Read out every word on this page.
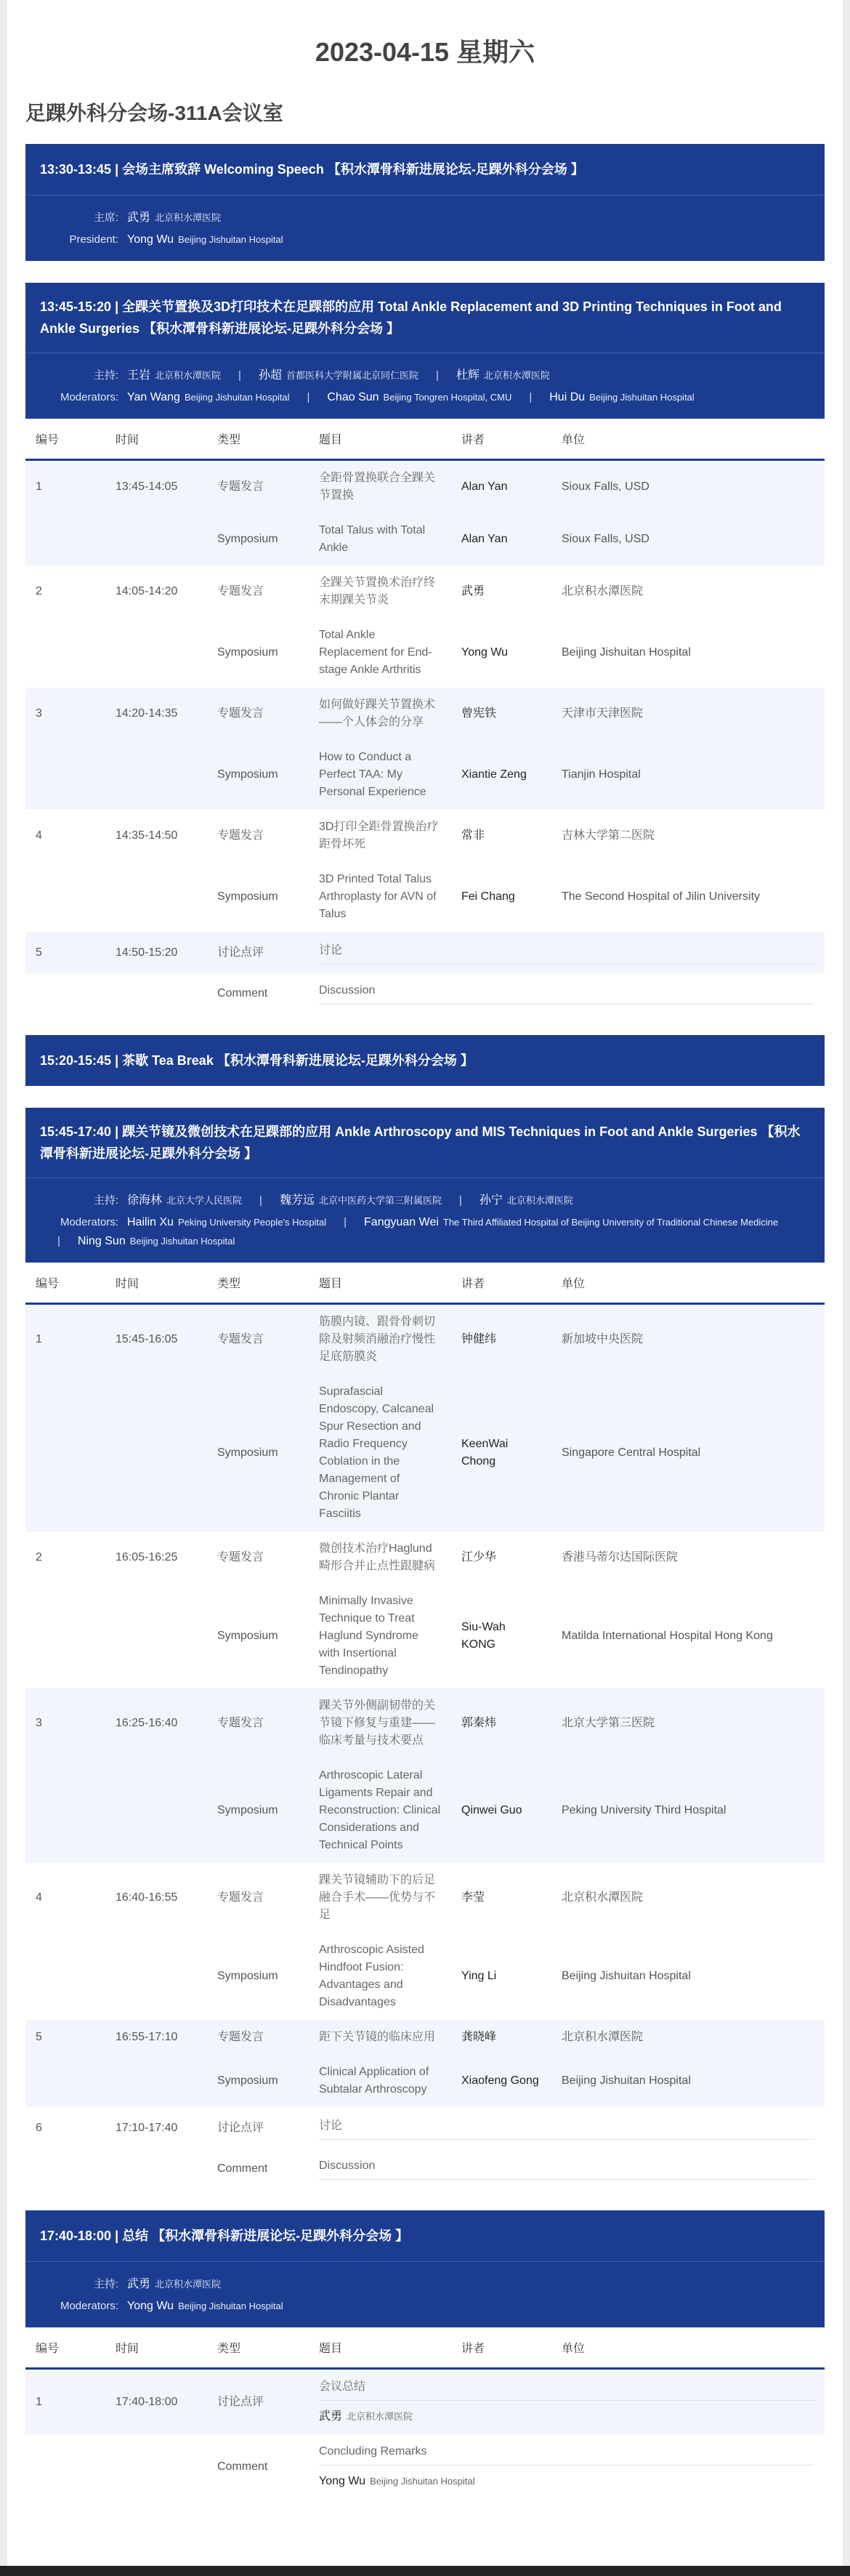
2023-04-15 星期六
足踝外科分会场-311A会议室
13:30-13:45 | 会场主席致辞 Welcoming Speech 【积水潭骨科新进展论坛-足踝外科分会场 】
主席: 武勇 北京积水潭医院
President: Yong Wu Beijing Jishuitan Hospital
13:45-15:20 | 全踝关节置换及3D打印技术在足踝部的应用 Total Ankle Replacement and 3D Printing Techniques in Foot and Ankle Surgeries 【积水潭骨科新进展论坛-足踝外科分会场 】
主持: 王岩 北京积水潭医院 | 孙超 首都医科大学附属北京同仁医院 | 杜辉 北京积水潭医院
Moderators: Yan Wang Beijing Jishuitan Hospital | Chao Sun Beijing Tongren Hospital, CMU | Hui Du Beijing Jishuitan Hospital
编号	时间	类型	题目	讲者	单位
1	13:45-14:05	专题发言	全距骨置换联合全踝关节置换	Alan Yan	Sioux Falls, USD
		Symposium	Total Talus with Total Ankle	Alan Yan	Sioux Falls, USD
2	14:05-14:20	专题发言	全踝关节置换术治疗终末期踝关节炎	武勇	北京积水潭医院
		Symposium	Total Ankle Replacement for End-stage Ankle Arthritis	Yong Wu	Beijing Jishuitan Hospital
3	14:20-14:35	专题发言	如何做好踝关节置换术——个人体会的分享	曾宪铁	天津市天津医院
		Symposium	How to Conduct a Perfect TAA: My Personal Experience	Xiantie Zeng	Tianjin Hospital
4	14:35-14:50	专题发言	3D打印全距骨置换治疗距骨坏死	常非	吉林大学第二医院
		Symposium	3D Printed Total Talus Arthroplasty for AVN of Talus	Fei Chang	The Second Hospital of Jilin University
5	14:50-15:20	讨论点评	讨论		

		Comment	Discussion		
15:20-15:45 | 茶歇 Tea Break 【积水潭骨科新进展论坛-足踝外科分会场 】
15:45-17:40 | 踝关节镜及微创技术在足踝部的应用 Ankle Arthroscopy and MIS Techniques in Foot and Ankle Surgeries 【积水潭骨科新进展论坛-足踝外科分会场 】
主持: 徐海林 北京大学人民医院 | 魏芳远 北京中医药大学第三附属医院 | 孙宁 北京积水潭医院
Moderators: Hailin Xu Peking University People's Hospital | Fangyuan Wei The Third Affiliated Hospital of Beijing University of Traditional Chinese Medicine| Ning Sun Beijing Jishuitan Hospital
编号	时间	类型	题目	讲者	单位
1	15:45-16:05	专题发言	筋膜内镜、跟骨骨刺切除及射频消融治疗慢性足底筋膜炎	钟健纬	新加坡中央医院
		Symposium	Suprafascial Endoscopy, Calcaneal Spur Resection and Radio Frequency Coblation in the Management of Chronic Plantar Fasciitis	KeenWai Chong	Singapore Central Hospital
2	16:05-16:25	专题发言	微创技术治疗Haglund畸形合并止点性跟腱病	江少华	香港马蒂尔达国际医院
		Symposium	Minimally Invasive Technique to Treat Haglund Syndrome with Insertional Tendinopathy	Siu-Wah KONG	Matilda International Hospital Hong Kong
3	16:25-16:40	专题发言	踝关节外侧副韧带的关节镜下修复与重建——临床考量与技术要点	郭秦炜	北京大学第三医院
		Symposium	Arthroscopic Lateral Ligaments Repair and Reconstruction: Clinical Considerations and Technical Points	Qinwei Guo	Peking University Third Hospital
4	16:40-16:55	专题发言	踝关节镜辅助下的后足融合手术——优势与不足	李莹	北京积水潭医院
		Symposium	Arthroscopic Asisted Hindfoot Fusion: Advantages and Disadvantages	Ying Li	Beijing Jishuitan Hospital
5	16:55-17:10	专题发言	距下关节镜的临床应用	龚晓峰	北京积水潭医院
		Symposium	Clinical Application of Subtalar Arthroscopy	Xiaofeng Gong	Beijing Jishuitan Hospital
6	17:10-17:40	讨论点评	讨论		

		Comment	Discussion		
17:40-18:00 | 总结 【积水潭骨科新进展论坛-足踝外科分会场 】
主持: 武勇 北京积水潭医院
Moderators: Yong Wu Beijing Jishuitan Hospital
编号	时间	类型	题目	讲者	单位
1	17:40-18:00	讨论点评	会议总结
武勇 北京积水潭医院		

		Comment	Concluding Remarks
Yong Wu Beijing Jishuitan Hospital		
